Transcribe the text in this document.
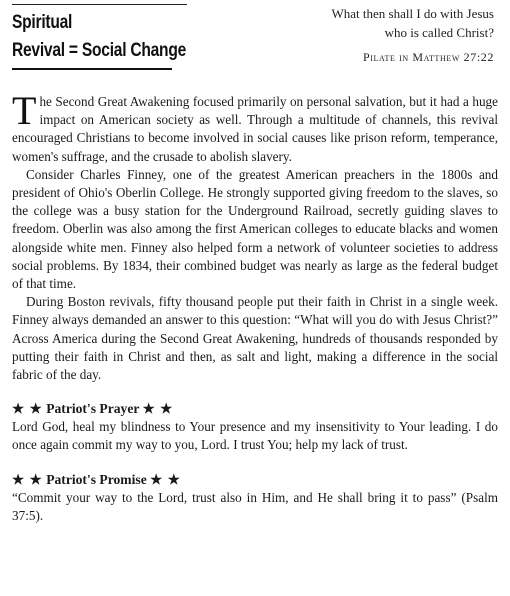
Spiritual
Revival = Social Change
What then shall I do with Jesus
who is called Christ?
Pilate in Matthew 27:22

The Second Great Awakening focused primarily on personal salvation, but it had a huge impact on American society as well. Through a multitude of channels, this revival encouraged Christians to become involved in social causes like prison reform, temperance, women's suffrage, and the crusade to abolish slavery.

Consider Charles Finney, one of the greatest American preachers in the 1800s and president of Ohio's Oberlin College. He strongly supported giving freedom to the slaves, so the college was a busy station for the Underground Railroad, secretly guiding slaves to freedom. Oberlin was also among the first American colleges to educate blacks and women alongside white men. Finney also helped form a network of volunteer societies to address social problems. By 1834, their combined budget was nearly as large as the federal budget of that time.

During Boston revivals, fifty thousand people put their faith in Christ in a single week. Finney always demanded an answer to this question: “What will you do with Jesus Christ?” Across America during the Second Great Awakening, hundreds of thousands responded by putting their faith in Christ and then, as salt and light, making a difference in the social fabric of the day.

★ ★ Patriot's Prayer ★ ★

Lord God, heal my blindness to Your presence and my insensitivity to Your leading. I do once again commit my way to you, Lord. I trust You; help my lack of trust.

★ ★ Patriot's Promise ★ ★

“Commit your way to the Lord, trust also in Him, and He shall bring it to pass” (Psalm 37:5).
